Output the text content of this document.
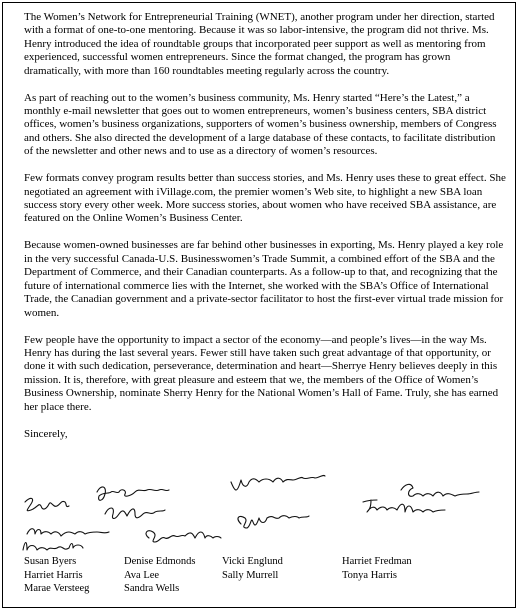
The Women’s Network for Entrepreneurial Training (WNET), another program under her direction, started with a format of one-to-one mentoring. Because it was so labor-intensive, the program did not thrive. Ms. Henry introduced the idea of roundtable groups that incorporated peer support as well as mentoring from experienced, successful women entrepreneurs. Since the format changed, the program has grown dramatically, with more than 160 roundtables meeting regularly across the country.

As part of reaching out to the women’s business community, Ms. Henry started “Here’s the Latest,” a monthly e-mail newsletter that goes out to women entrepreneurs, women’s business centers, SBA district offices, women’s business organizations, supporters of women’s business ownership, members of Congress and others. She also directed the development of a large database of these contacts, to facilitate distribution of the newsletter and other news and to use as a directory of women’s resources.

Few formats convey program results better than success stories, and Ms. Henry uses these to great effect. She negotiated an agreement with iVillage.com, the premier women’s Web site, to highlight a new SBA loan success story every other week. More success stories, about women who have received SBA assistance, are featured on the Online Women’s Business Center.

Because women-owned businesses are far behind other businesses in exporting, Ms. Henry played a key role in the very successful Canada-U.S. Businesswomen’s Trade Summit, a combined effort of the SBA and the Department of Commerce, and their Canadian counterparts. As a follow-up to that, and recognizing that the future of international commerce lies with the Internet, she worked with the SBA’s Office of International Trade, the Canadian government and a private-sector facilitator to host the first-ever virtual trade mission for women.

Few people have the opportunity to impact a sector of the economy—and people’s lives—in the way Ms. Henry has during the last several years. Fewer still have taken such great advantage of that opportunity, or done it with such dedication, perseverance, determination and heart—Sherrye Henry believes deeply in this mission. It is, therefore, with great pleasure and esteem that we, the members of the Office of Women’s Business Ownership, nominate Sherry Henry for the National Women’s Hall of Fame. Truly, she has earned her place there.

Sincerely,

Susan Byers
Harriet Harris
Marae Versteeg
Denise Edmonds
Ava Lee
Sandra Wells
Vicki Englund
Sally Murrell
Harriet Fredman
Tonya Harris
